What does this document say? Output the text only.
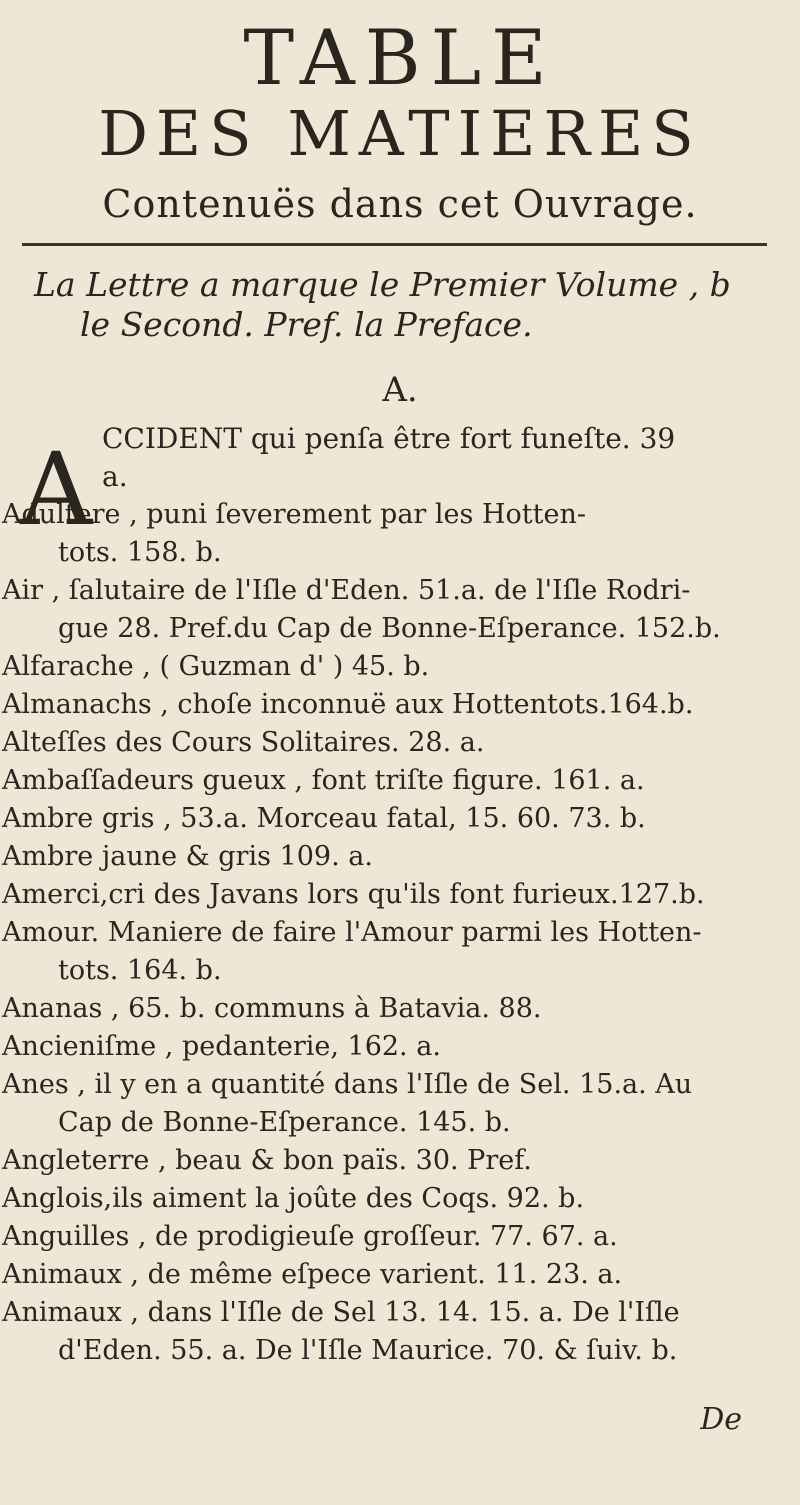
TABLE
DES MATIERES
Contenuës dans cet Ouvrage.
La Lettre a marque le Premier Volume , b
le Second. Pref. la Preface.
A.
A CCIDENT qui penſa être fort funeſte. 39
a.
Adultere , puni ſeverement par les Hotten-
tots. 158. b.
Air , ſalutaire de l'Iſle d'Eden. 51.a. de l'Iſle Rodri-
gue 28. Pref.du Cap de Bonne-Eſperance. 152.b.
Alfarache , ( Guzman d' ) 45. b.
Almanachs , choſe inconnuë aux Hottentots.164.b.
Alteſſes des Cours Solitaires. 28. a.
Ambaſſadeurs gueux , font triſte figure. 161. a.
Ambre gris , 53.a. Morceau fatal, 15. 60. 73. b.
Ambre jaune & gris 109. a.
Amerci,cri des Javans lors qu'ils font furieux.127.b.
Amour. Maniere de faire l'Amour parmi les Hotten-
tots. 164. b.
Ananas , 65. b. communs à Batavia. 88.
Ancieniſme , pedanterie, 162. a.
Anes , il y en a quantité dans l'Iſle de Sel. 15.a. Au
Cap de Bonne-Eſperance. 145. b.
Angleterre , beau & bon païs. 30. Pref.
Anglois,ils aiment la joûte des Coqs. 92. b.
Anguilles , de prodigieuſe groſſeur. 77. 67. a.
Animaux , de même eſpece varient. 11. 23. a.
Animaux , dans l'Iſle de Sel 13. 14. 15. a. De l'Iſle
d'Eden. 55. a. De l'Iſle Maurice. 70. & ſuiv. b.
De
